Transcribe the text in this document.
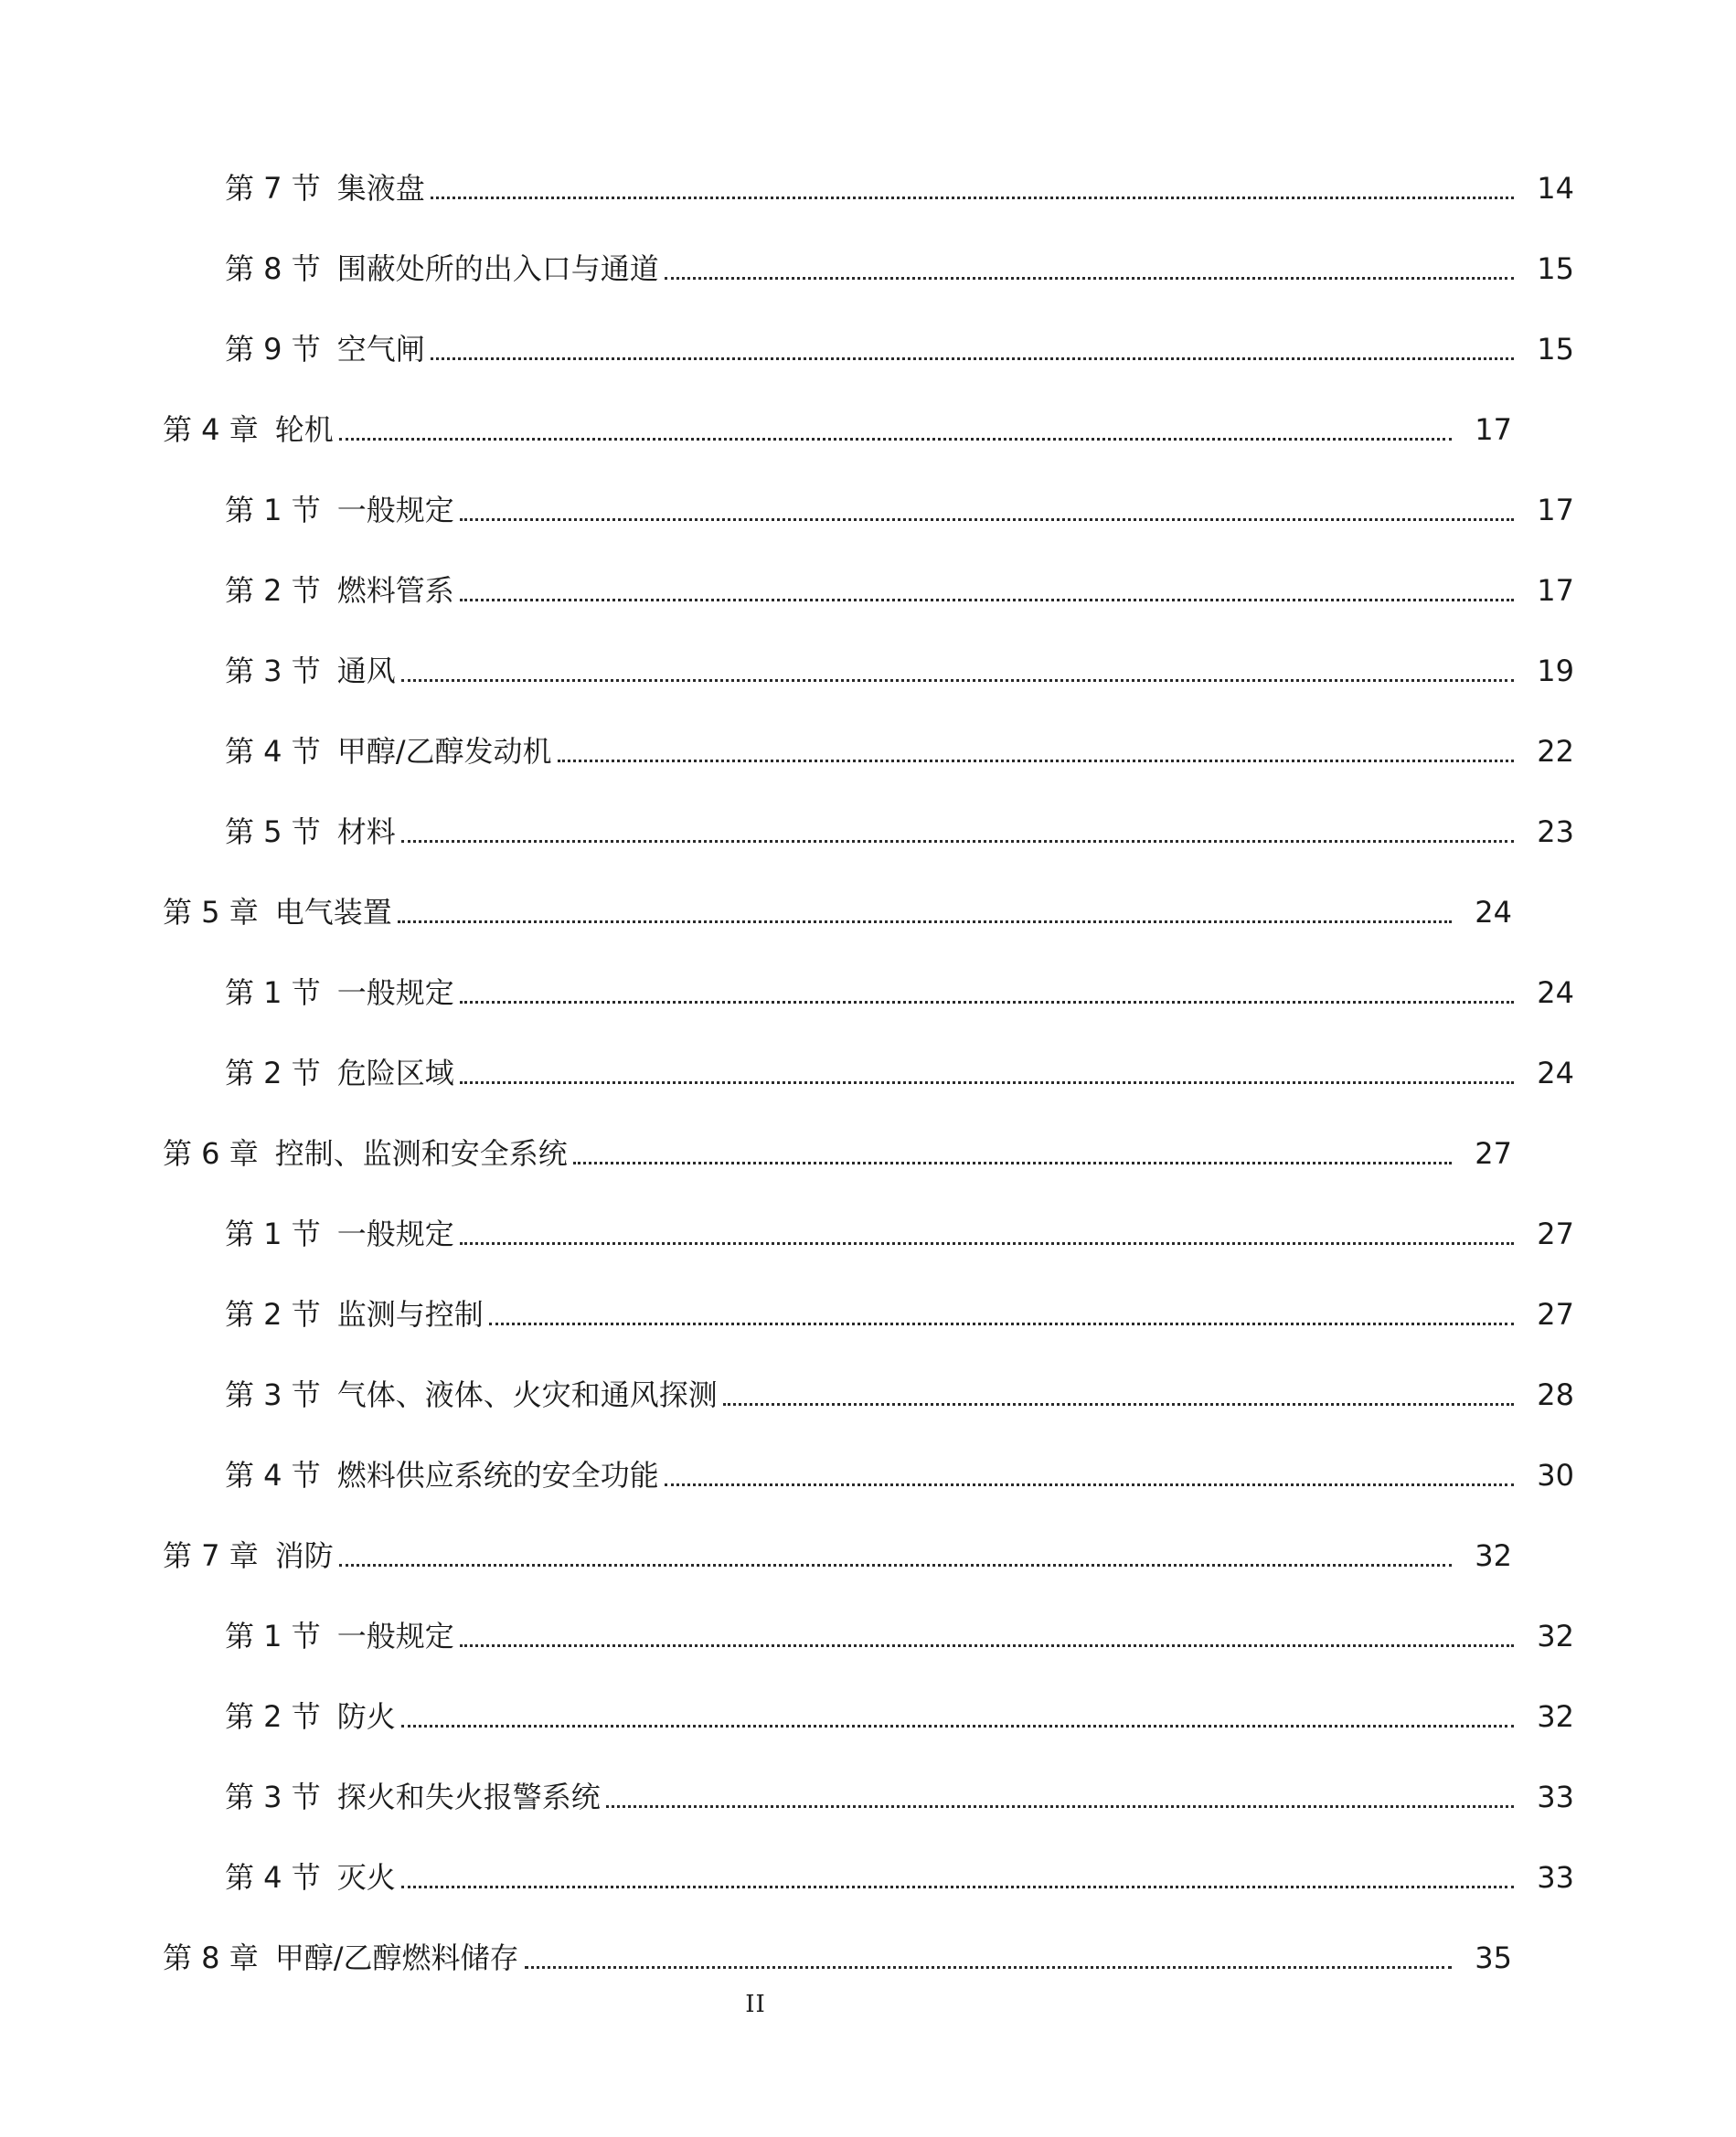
第 7 节 集液盘	14
第 8 节 围蔽处所的出入口与通道	15
第 9 节 空气闸	15
第 4 章 轮机	17
第 1 节 一般规定	17
第 2 节 燃料管系	17
第 3 节 通风	19
第 4 节 甲醇/乙醇发动机	22
第 5 节 材料	23
第 5 章 电气装置	24
第 1 节 一般规定	24
第 2 节 危险区域	24
第 6 章 控制、监测和安全系统	27
第 1 节 一般规定	27
第 2 节 监测与控制	27
第 3 节 气体、液体、火灾和通风探测	28
第 4 节 燃料供应系统的安全功能	30
第 7 章 消防	32
第 1 节 一般规定	32
第 2 节 防火	32
第 3 节 探火和失火报警系统	33
第 4 节 灭火	33
第 8 章 甲醇/乙醇燃料储存	35
II
